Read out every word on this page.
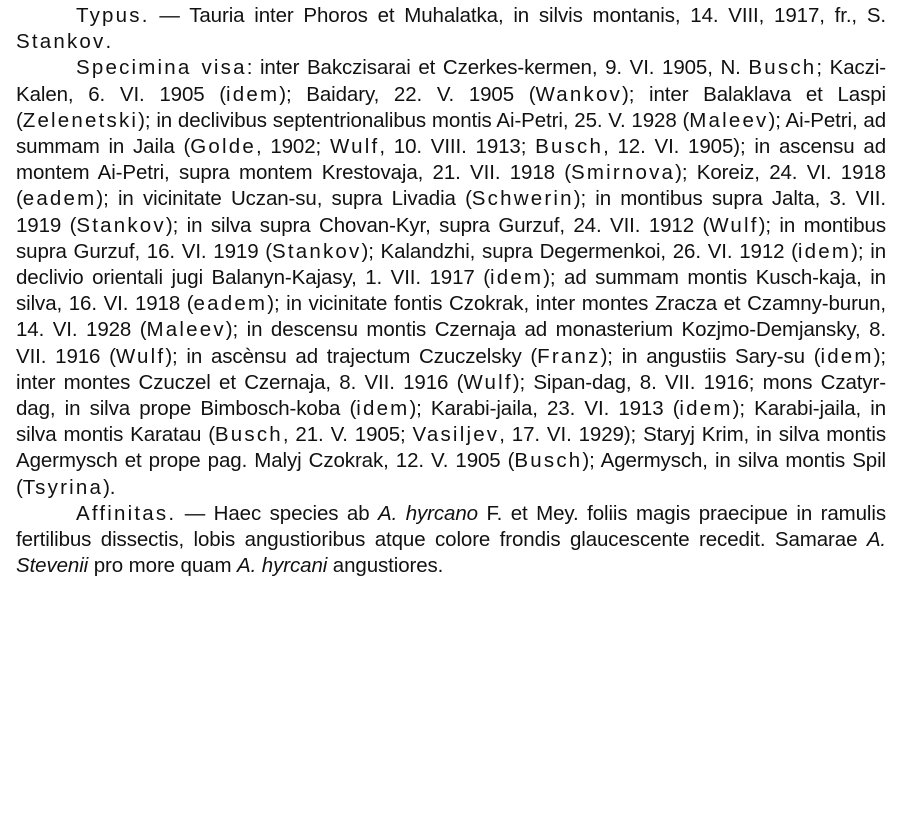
Typus. — Tauria inter Phoros et Muhalatka, in silvis montanis, 14. VIII, 1917, fr., S. Stankov.

Specimina visa: inter Bakczisarai et Czerkes-kermen, 9. VI. 1905, N. Busch; Kaczi-Kalen, 6. VI. 1905 (idem); Baidary, 22. V. 1905 (Wankov); inter Balaklava et Laspi (Zelenetski); in declivibus septentrionalibus montis Ai-Petri, 25. V. 1928 (Maleev); Ai-Petri, ad summam in Jaila (Golde, 1902; Wulf, 10. VIII. 1913; Busch, 12. VI. 1905); in ascensu ad montem Ai-Petri, supra montem Krestovaja, 21. VII. 1918 (Smirnova); Koreiz, 24. VI. 1918 (eadem); in vicinitate Uczan-su, supra Livadia (Schwerin); in montibus supra Jalta, 3. VII. 1919 (Stankov); in silva supra Chovan-Kyr, supra Gurzuf, 24. VII. 1912 (Wulf); in montibus supra Gurzuf, 16. VI. 1919 (Stankov); Kalandzhi, supra Degermenkoi, 26. VI. 1912 (idem); in declivio orientali jugi Balanyn-Kajasy, 1. VII. 1917 (idem); ad summam montis Kusch-kaja, in silva, 16. VI. 1918 (eadem); in vicinitate fontis Czokrak, inter montes Zracza et Czamny-burun, 14. VI. 1928 (Maleev); in descensu montis Czernaja ad monasterium Kozjmo-Demjansky, 8. VII. 1916 (Wulf); in ascènsu ad trajectum Czuczelsky (Franz); in angustiis Sary-su (idem); inter montes Czuczel et Czernaja, 8. VII. 1916 (Wulf); Sipan-dag, 8. VII. 1916; mons Czatyr-dag, in silva prope Bimbosch-koba (idem); Karabi-jaila, 23. VI. 1913 (idem); Karabi-jaila, in silva montis Karatau (Busch, 21. V. 1905; Vasiljev, 17. VI. 1929); Staryj Krim, in silva montis Agermysch et prope pag. Malyj Czokrak, 12. V. 1905 (Busch); Agermysch, in silva montis Spil (Tsyrina).

Affinitas. — Haec species ab A. hyrcano F. et Mey. foliis magis praecipue in ramulis fertilibus dissectis, lobis angustioribus atque colore frondis glaucescente recedit. Samarae A. Stevenii pro more quam A. hyrcani angustiores.
